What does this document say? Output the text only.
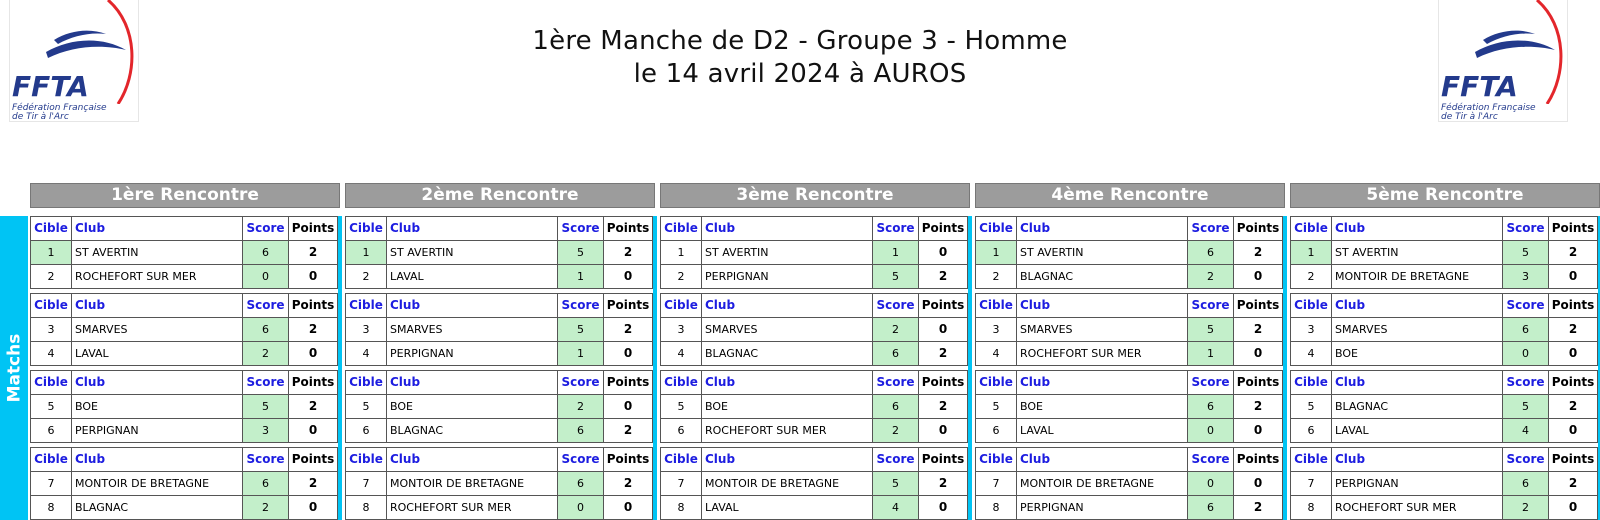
FFTA
Fédération Française
de Tir à l'Arc
FFTA
Fédération Française
de Tir à l'Arc
1ère Manche de D2 - Groupe 3 - Homme
le 14 avril 2024 à AUROS
Matchs
1ère Rencontre
Cible Club	Score Points
1	ST AVERTIN	6	2
2	ROCHEFORT SUR MER	0	0
Cible Club	Score Points
3	SMARVES	6	2
4	LAVAL	2	0
Cible Club	Score Points
5	BOE	5	2
6	PERPIGNAN	3	0
Cible Club	Score Points
7	MONTOIR DE BRETAGNE	6	2
8	BLAGNAC	2	0
2ème Rencontre
Cible Club	Score Points
1	ST AVERTIN	5	2
2	LAVAL	1	0
Cible Club	Score Points
3	SMARVES	5	2
4	PERPIGNAN	1	0
Cible Club	Score Points
5	BOE	2	0
6	BLAGNAC	6	2
Cible Club	Score Points
7	MONTOIR DE BRETAGNE	6	2
8	ROCHEFORT SUR MER	0	0
3ème Rencontre
Cible Club	Score Points
1	ST AVERTIN	1	0
2	PERPIGNAN	5	2
Cible Club	Score Points
3	SMARVES	2	0
4	BLAGNAC	6	2
Cible Club	Score Points
5	BOE	6	2
6	ROCHEFORT SUR MER	2	0
Cible Club	Score Points
7	MONTOIR DE BRETAGNE	5	2
8	LAVAL	4	0
4ème Rencontre
Cible Club	Score Points
1	ST AVERTIN	6	2
2	BLAGNAC	2	0
Cible Club	Score Points
3	SMARVES	5	2
4	ROCHEFORT SUR MER	1	0
Cible Club	Score Points
5	BOE	6	2
6	LAVAL	0	0
Cible Club	Score Points
7	MONTOIR DE BRETAGNE	0	0
8	PERPIGNAN	6	2
5ème Rencontre
Cible Club	Score Points
1	ST AVERTIN	5	2
2	MONTOIR DE BRETAGNE	3	0
Cible Club	Score Points
3	SMARVES	6	2
4	BOE	0	0
Cible Club	Score Points
5	BLAGNAC	5	2
6	LAVAL	4	0
Cible Club	Score Points
7	PERPIGNAN	6	2
8	ROCHEFORT SUR MER	2	0
